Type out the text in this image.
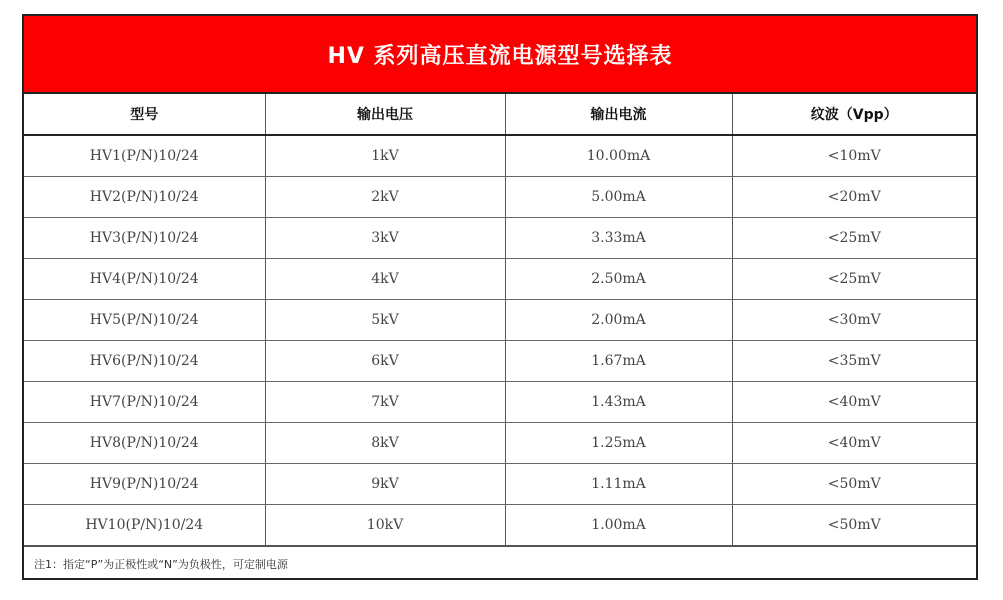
HV 系列高压直流电源型号选择表
型号	输出电压	输出电流	纹波（Vpp）
HV1(P/N)10/24	1kV	10.00mA	<10mV
HV2(P/N)10/24	2kV	5.00mA	<20mV
HV3(P/N)10/24	3kV	3.33mA	<25mV
HV4(P/N)10/24	4kV	2.50mA	<25mV
HV5(P/N)10/24	5kV	2.00mA	<30mV
HV6(P/N)10/24	6kV	1.67mA	<35mV
HV7(P/N)10/24	7kV	1.43mA	<40mV
HV8(P/N)10/24	8kV	1.25mA	<40mV
HV9(P/N)10/24	9kV	1.11mA	<50mV
HV10(P/N)10/24	10kV	1.00mA	<50mV
注1：指定“P”为正极性或“N”为负极性，可定制电源
